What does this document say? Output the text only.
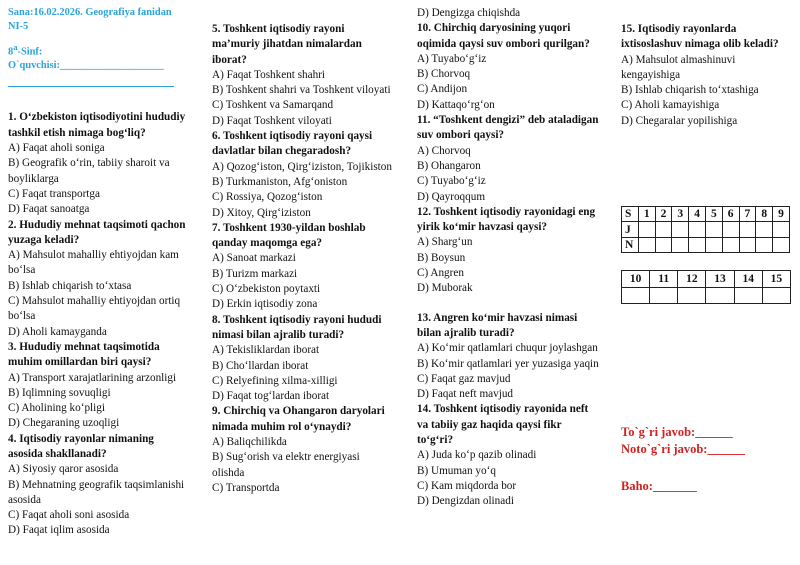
Sana:16.02.2026. Geografiya fanidan NI-5
8$^a$-Sinf: O`quvchisi:____________________
1. O‘zbekiston iqtisodiyotini hududiy tashkil etish nimaga bog‘liq?
A) Faqat aholi soniga
B) Geografik o‘rin, tabiiy sharoit va boyliklarga
C) Faqat transportga
D) Faqat sanoatga
2. Hududiy mehnat taqsimoti qachon yuzaga keladi?
A) Mahsulot mahalliy ehtiyojdan kam bo‘lsa
B) Ishlab chiqarish to‘xtasa
C) Mahsulot mahalliy ehtiyojdan ortiq bo‘lsa
D) Aholi kamayganda
3. Hududiy mehnat taqsimotida muhim omillardan biri qaysi?
A) Transport xarajatlarining arzonligi
B) Iqlimning sovuqligi
C) Aholining ko‘pligi
D) Chegaraning uzoqligi
4. Iqtisodiy rayonlar nimaning asosida shakllanadi?
A) Siyosiy qaror asosida
B) Mehnatning geografik taqsimlanishi asosida
C) Faqat aholi soni asosida
D) Faqat iqlim asosida
5. Toshkent iqtisodiy rayoni ma’muriy jihatdan nimalardan iborat?
A) Faqat Toshkent shahri
B) Toshkent shahri va Toshkent viloyati
C) Toshkent va Samarqand
D) Faqat Toshkent viloyati
6. Toshkent iqtisodiy rayoni qaysi davlatlar bilan chegaradosh?
A) Qozog‘iston, Qirg‘iziston, Tojikiston
B) Turkmaniston, Afg‘oniston
C) Rossiya, Qozog‘iston
D) Xitoy, Qirg‘iziston
7. Toshkent 1930-yildan boshlab qanday maqomga ega?
A) Sanoat markazi
B) Turizm markazi
C) O‘zbekiston poytaxti
D) Erkin iqtisodiy zona
8. Toshkent iqtisodiy rayoni hududi nimasi bilan ajralib turadi?
A) Tekisliklardan iborat
B) Cho‘llardan iborat
C) Relyefining xilma-xilligi
D) Faqat tog‘lardan iborat
9. Chirchiq va Ohangaron daryolari nimada muhim rol o‘ynaydi?
A) Baliqchilikda
B) Sug‘orish va elektr energiyasi olishda
C) Transportda
D) Dengizga chiqishda
10. Chirchiq daryosining yuqori oqimida qaysi suv ombori qurilgan?
A) Tuyabo‘g‘iz
B) Chorvoq
C) Andijon
D) Kattaqo‘rg‘on
11. “Toshkent dengizi” deb ataladigan suv ombori qaysi?
A) Chorvoq
B) Ohangaron
C) Tuyabo‘g‘iz
D) Qayroqqum
12. Toshkent iqtisodiy rayonidagi eng yirik ko‘mir havzasi qaysi?
A) Sharg‘un
B) Boysun
C) Angren
D) Muborak
13. Angren ko‘mir havzasi nimasi bilan ajralib turadi?
A) Ko‘mir qatlamlari chuqur joylashgan
B) Ko‘mir qatlamlari yer yuzasiga yaqin
C) Faqat gaz mavjud
D) Faqat neft mavjud
14. Toshkent iqtisodiy rayonida neft va tabiiy gaz haqida qaysi fikr to‘g‘ri?
A) Juda ko‘p qazib olinadi
B) Umuman yo‘q
C) Kam miqdorda bor
D) Dengizdan olinadi
15. Iqtisodiy rayonlarda ixtisoslashuv nimaga olib keladi?
A) Mahsulot almashinuvi kengayishiga
B) Ishlab chiqarish to‘xtashiga
C) Aholi kamayishiga
D) Chegaralar yopilishiga
S	1	2	3	4	5	6	7	8	9
J									
N									
10	11	12	13	14	15

To`g`ri javob:______
Noto`g`ri javob:______
Baho:_______
